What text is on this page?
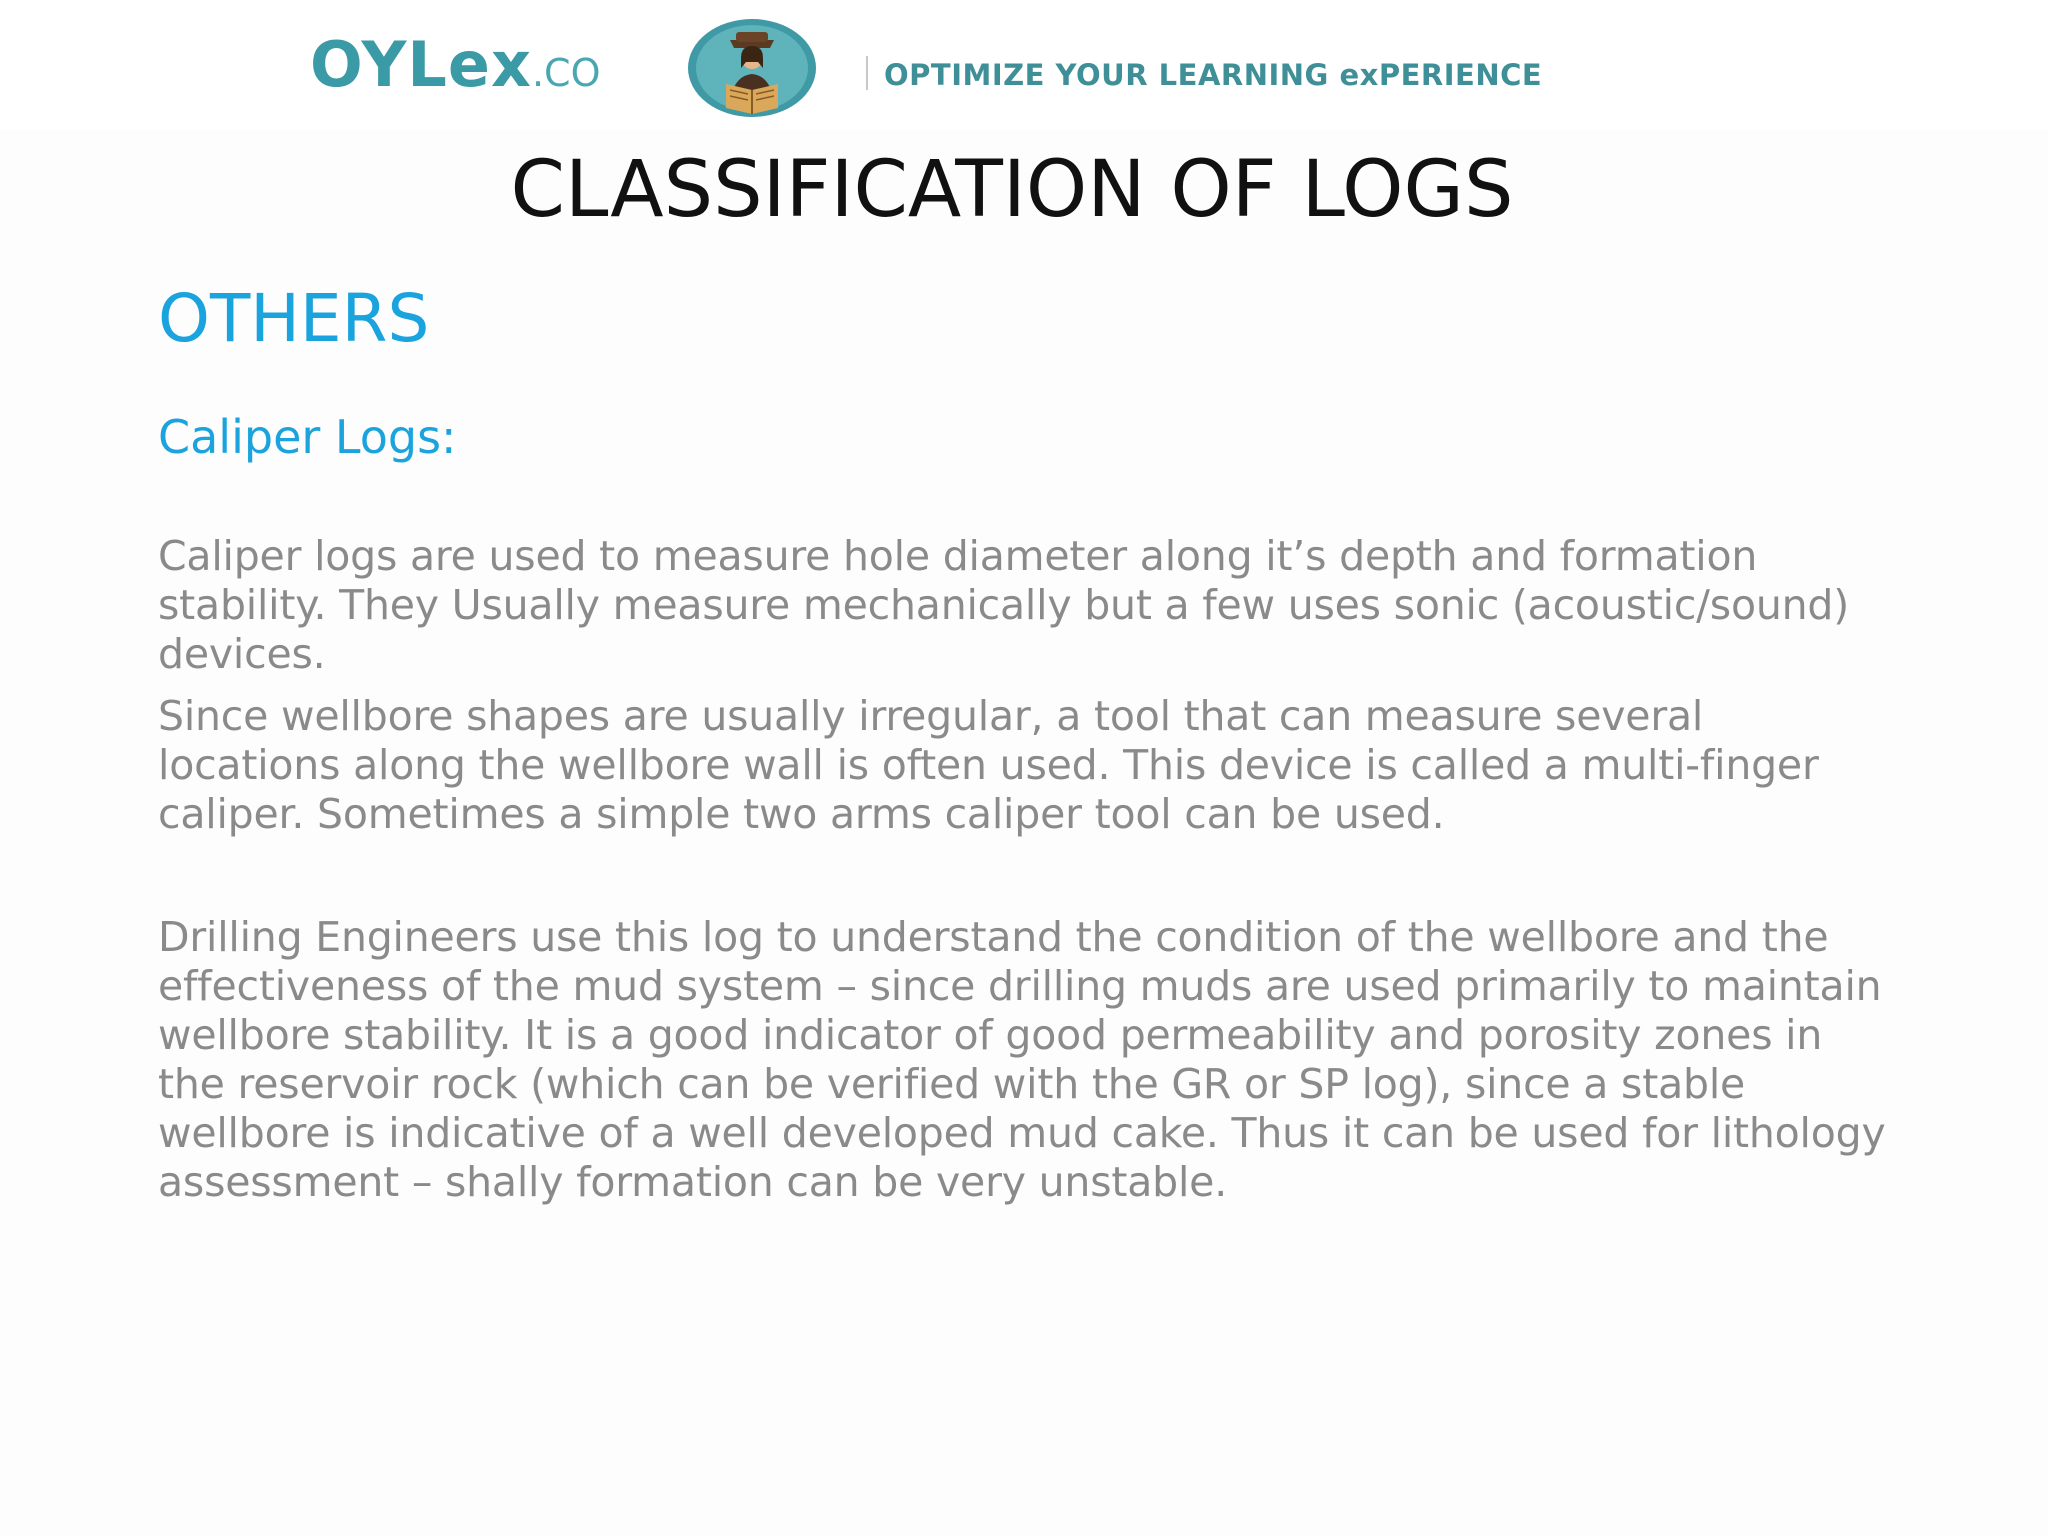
OYLex.CO	OPTIMIZE YOUR LEARNING exPERIENCE
CLASSIFICATION OF LOGS
OTHERS
Caliper Logs:
Caliper logs are used to measure hole diameter along it’s depth and formation stability. They Usually measure mechanically but a few uses sonic (acoustic/sound) devices.
Since wellbore shapes are usually irregular, a tool that can measure several locations along the wellbore wall is often used. This device is called a multi-finger caliper. Sometimes a simple two arms caliper tool can be used.
Drilling Engineers use this log to understand the condition of the wellbore and the effectiveness of the mud system – since drilling muds are used primarily to maintain wellbore stability. It is a good indicator of good permeability and porosity zones in the reservoir rock (which can be verified with the GR or SP log), since a stable wellbore is indicative of a well developed mud cake. Thus it can be used for lithology assessment – shally formation can be very unstable.
